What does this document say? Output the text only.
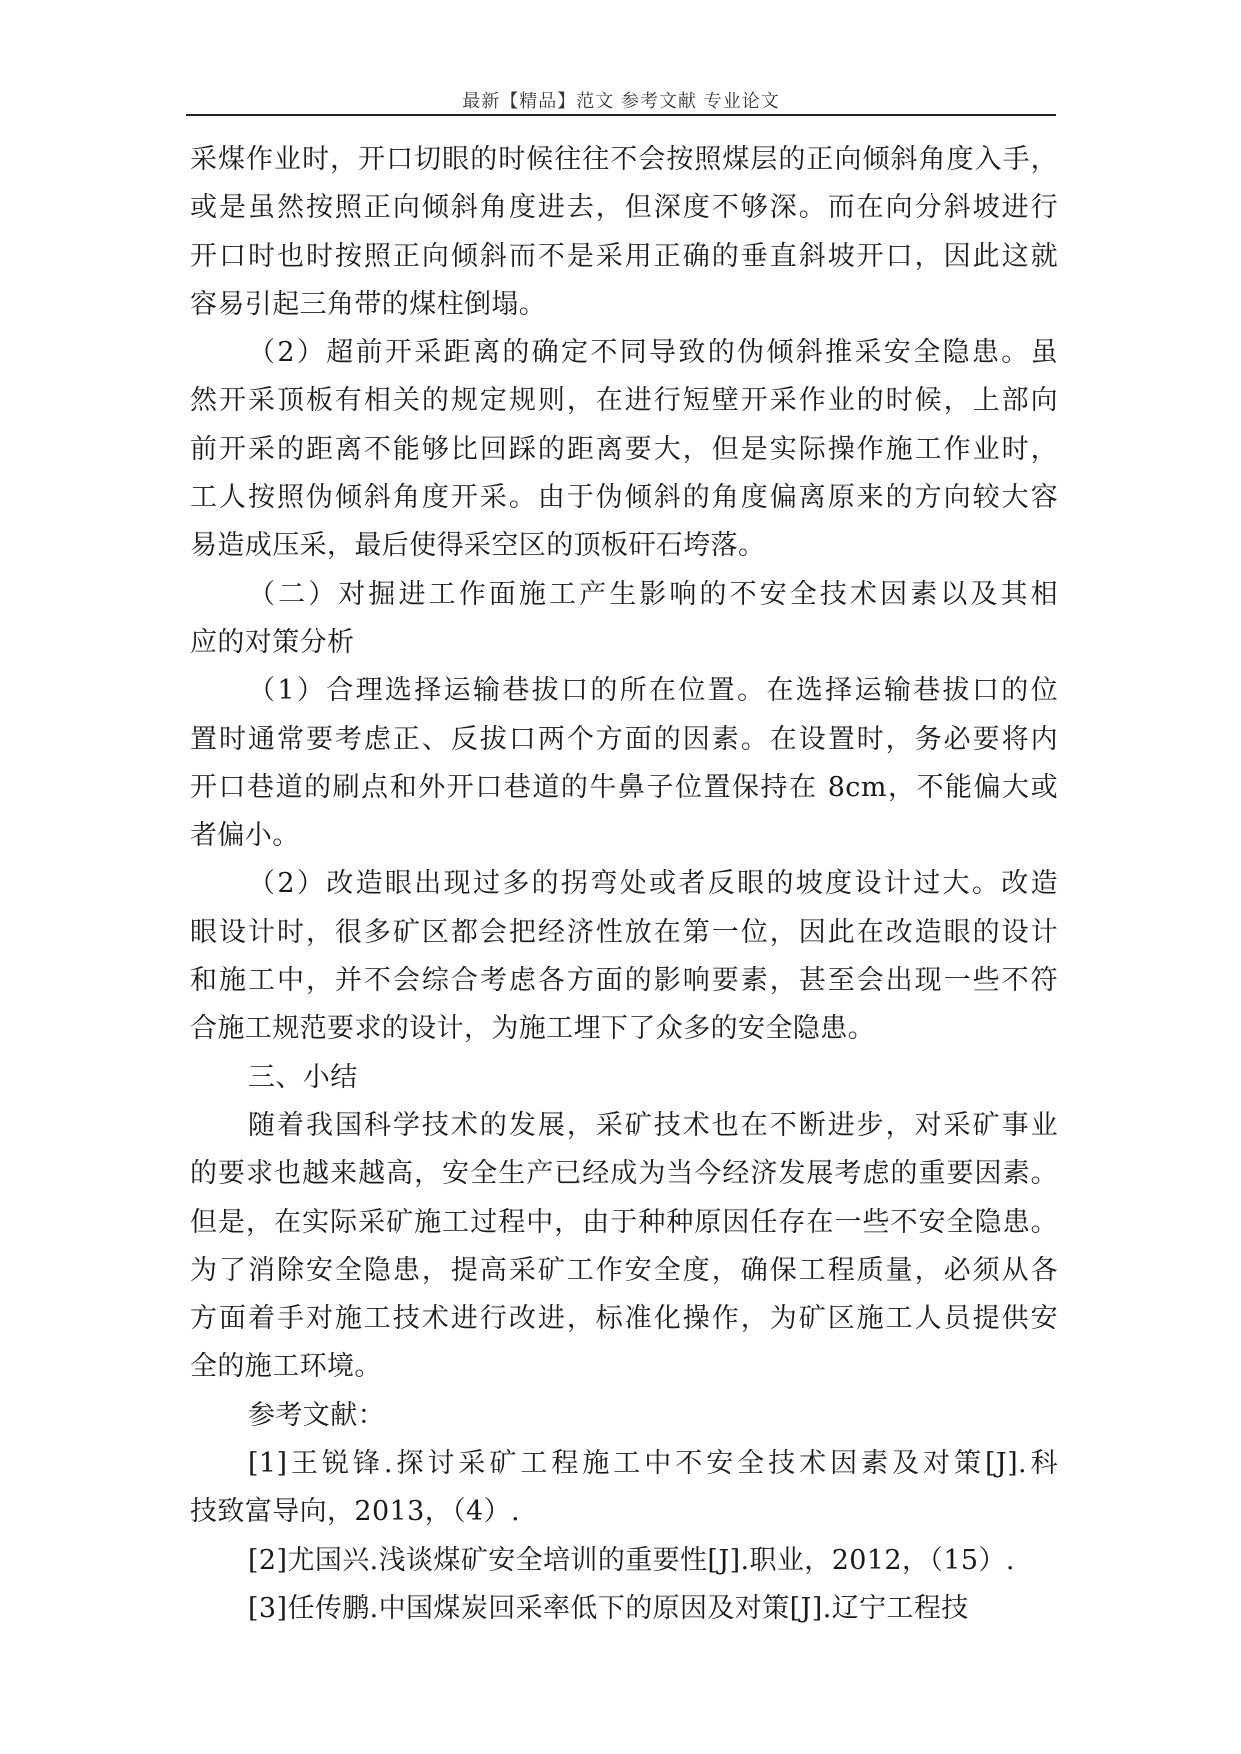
最新【精品】范文 参考文献 专业论文
采煤作业时，开口切眼的时候往往不会按照煤层的正向倾斜角度入手，
或是虽然按照正向倾斜角度进去，但深度不够深。而在向分斜坡进行
开口时也时按照正向倾斜而不是采用正确的垂直斜坡开口，因此这就
容易引起三角带的煤柱倒塌。
（2）超前开采距离的确定不同导致的伪倾斜推采安全隐患。虽
然开采顶板有相关的规定规则，在进行短壁开采作业的时候，上部向
前开采的距离不能够比回踩的距离要大，但是实际操作施工作业时，
工人按照伪倾斜角度开采。由于伪倾斜的角度偏离原来的方向较大容
易造成压采，最后使得采空区的顶板矸石垮落。
（二）对掘进工作面施工产生影响的不安全技术因素以及其相
应的对策分析
（1）合理选择运输巷拔口的所在位置。在选择运输巷拔口的位
置时通常要考虑正、反拔口两个方面的因素。在设置时，务必要将内
开口巷道的刷点和外开口巷道的牛鼻子位置保持在 8cm，不能偏大或
者偏小。
（2）改造眼出现过多的拐弯处或者反眼的坡度设计过大。改造
眼设计时，很多矿区都会把经济性放在第一位，因此在改造眼的设计
和施工中，并不会综合考虑各方面的影响要素，甚至会出现一些不符
合施工规范要求的设计，为施工埋下了众多的安全隐患。
三、小结
随着我国科学技术的发展，采矿技术也在不断进步，对采矿事业
的要求也越来越高，安全生产已经成为当今经济发展考虑的重要因素。
但是，在实际采矿施工过程中，由于种种原因任存在一些不安全隐患。
为了消除安全隐患，提高采矿工作安全度，确保工程质量，必须从各
方面着手对施工技术进行改进，标准化操作，为矿区施工人员提供安
全的施工环境。
参考文献：
[1]王锐锋.探讨采矿工程施工中不安全技术因素及对策[J].科
技致富导向，2013，（4）.
[2]尤国兴.浅谈煤矿安全培训的重要性[J].职业，2012，（15）.
[3]任传鹏.中国煤炭回采率低下的原因及对策[J].辽宁工程技
